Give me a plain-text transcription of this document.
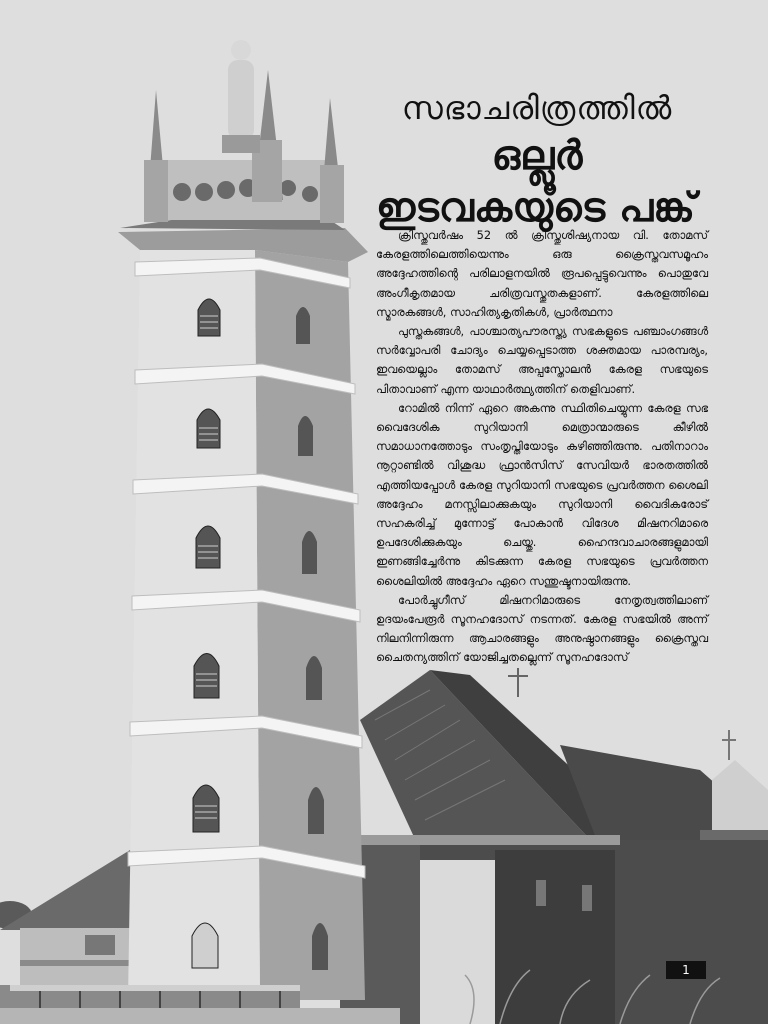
സഭാചരിത്രത്തിൽ
ഒല്ലൂർ
ഇടവകയുടെ പങ്ക്

ക്രിസ്തുവർഷം 52 ൽ ക്രിസ്തുശിഷ്യനായ വി. തോമസ് കേരളത്തിലെത്തിയെന്നും ഒരു ക്രൈസ്തവസമൂഹം അദ്ദേഹത്തിന്റെ പരിലാളനയിൽ രൂപപ്പെട്ടുവെന്നും പൊതുവേ അംഗീകൃതമായ ചരിത്രവസ്തുതകളാണ്. കേരളത്തിലെ സ്മാരകങ്ങൾ, സാഹിത്യകൃതികൾ, പ്രാർത്ഥനാ

പുസ്തകങ്ങൾ, പാശ്ചാത്യപൗരസ്ത്യ സഭകളുടെ പഞ്ചാംഗങ്ങൾ സർവ്വോപരി ചോദ്യം ചെയ്യപ്പെടാത്ത ശക്തമായ പാരമ്പര്യം, ഇവയെല്ലാം തോമസ് അപ്പസ്തോലൻ കേരള സഭയുടെ പിതാവാണ് എന്ന യാഥാർത്ഥ്യത്തിന് തെളിവാണ്.

റോമിൽ നിന്ന് ഏറെ അകന്നു സ്ഥിതിചെയ്യുന്ന കേരള സഭ വൈദേശിക സുറിയാനി മെത്രാന്മാരുടെ കീഴിൽ സമാധാനത്തോടും സംതൃപ്തിയോടും കഴിഞ്ഞിരുന്നു. പതിനാറാം നൂറ്റാണ്ടിൽ വിശുദ്ധ ഫ്രാൻസിസ് സേവിയർ ഭാരതത്തിൽ എത്തിയപ്പോൾ കേരള സുറിയാനി സഭയുടെ പ്രവർത്തന ശൈലി അദ്ദേഹം മനസ്സിലാക്കുകയും സുറിയാനി വൈദികരോട് സഹകരിച്ച് മുന്നോട്ട് പോകാൻ വിദേശ മിഷനറിമാരെ ഉപദേശിക്കുകയും ചെയ്തു. ഹൈന്ദവാചാരങ്ങളുമായി ഇണങ്ങിച്ചേർന്നു കിടക്കുന്ന കേരള സഭയുടെ പ്രവർത്തന ശൈലിയിൽ അദ്ദേഹം ഏറെ സന്തുഷ്ടനായിരുന്നു.

പോർച്ചുഗീസ് മിഷനറിമാരുടെ നേതൃത്വത്തിലാണ് ഉദയംപേരൂർ സൂനഹദോസ് നടന്നത്. കേരള സഭയിൽ അന്ന് നിലനിന്നിരുന്ന ആചാരങ്ങളും അനുഷ്ഠാനങ്ങളും ക്രൈസ്തവ ചൈതന്യത്തിന് യോജിച്ചതല്ലെന്ന് സൂനഹദോസ്

1
